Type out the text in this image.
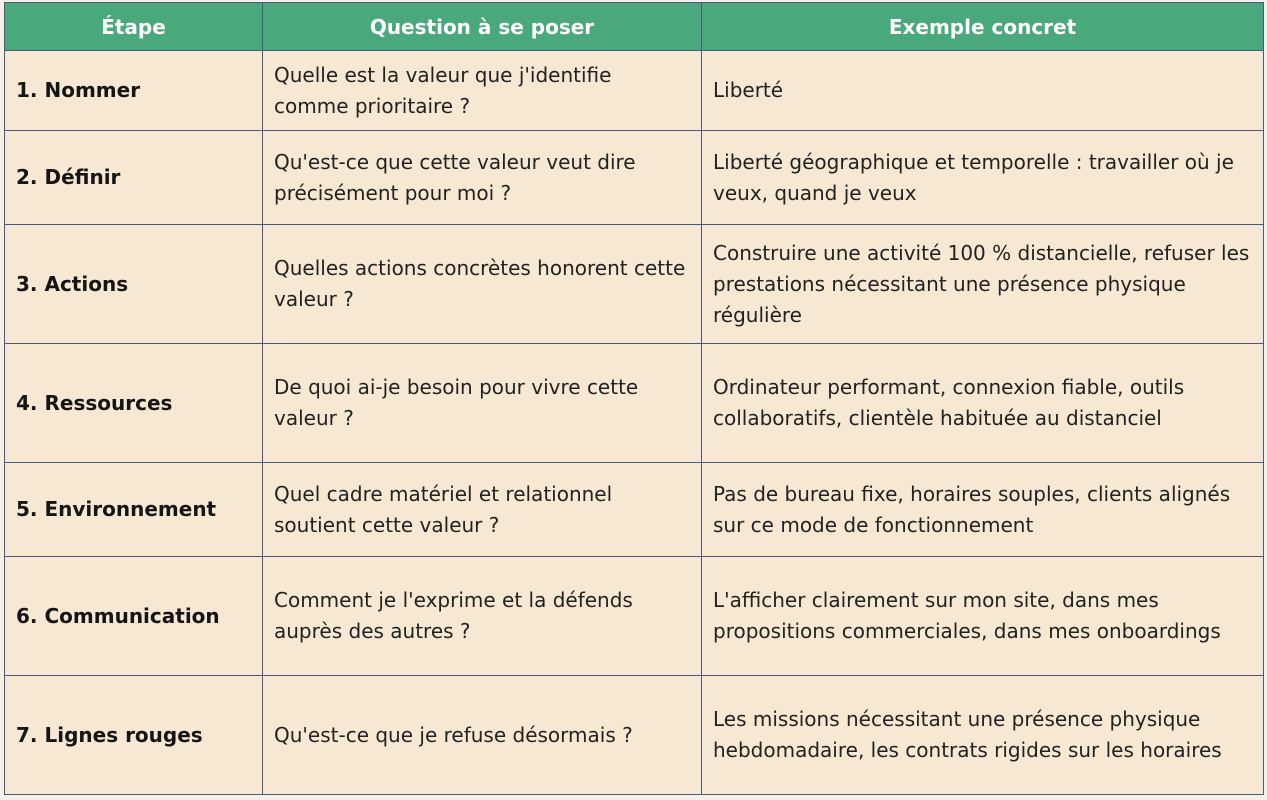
Étape	Question à se poser	Exemple concret
1. Nommer	Quelle est la valeur que j'identifie comme prioritaire ?	Liberté
2. Définir	Qu'est-ce que cette valeur veut dire précisément pour moi ?	Liberté géographique et temporelle : travailler où je veux, quand je veux
3. Actions	Quelles actions concrètes honorent cette valeur ?	Construire une activité 100 % distancielle, refuser les prestations nécessitant une présence physique régulière
4. Ressources	De quoi ai-je besoin pour vivre cette valeur ?	Ordinateur performant, connexion fiable, outils collaboratifs, clientèle habituée au distanciel
5. Environnement	Quel cadre matériel et relationnel soutient cette valeur ?	Pas de bureau fixe, horaires souples, clients alignés sur ce mode de fonctionnement
6. Communication	Comment je l'exprime et la défends auprès des autres ?	L'afficher clairement sur mon site, dans mes propositions commerciales, dans mes onboardings
7. Lignes rouges	Qu'est-ce que je refuse désormais ?	Les missions nécessitant une présence physique hebdomadaire, les contrats rigides sur les horaires
